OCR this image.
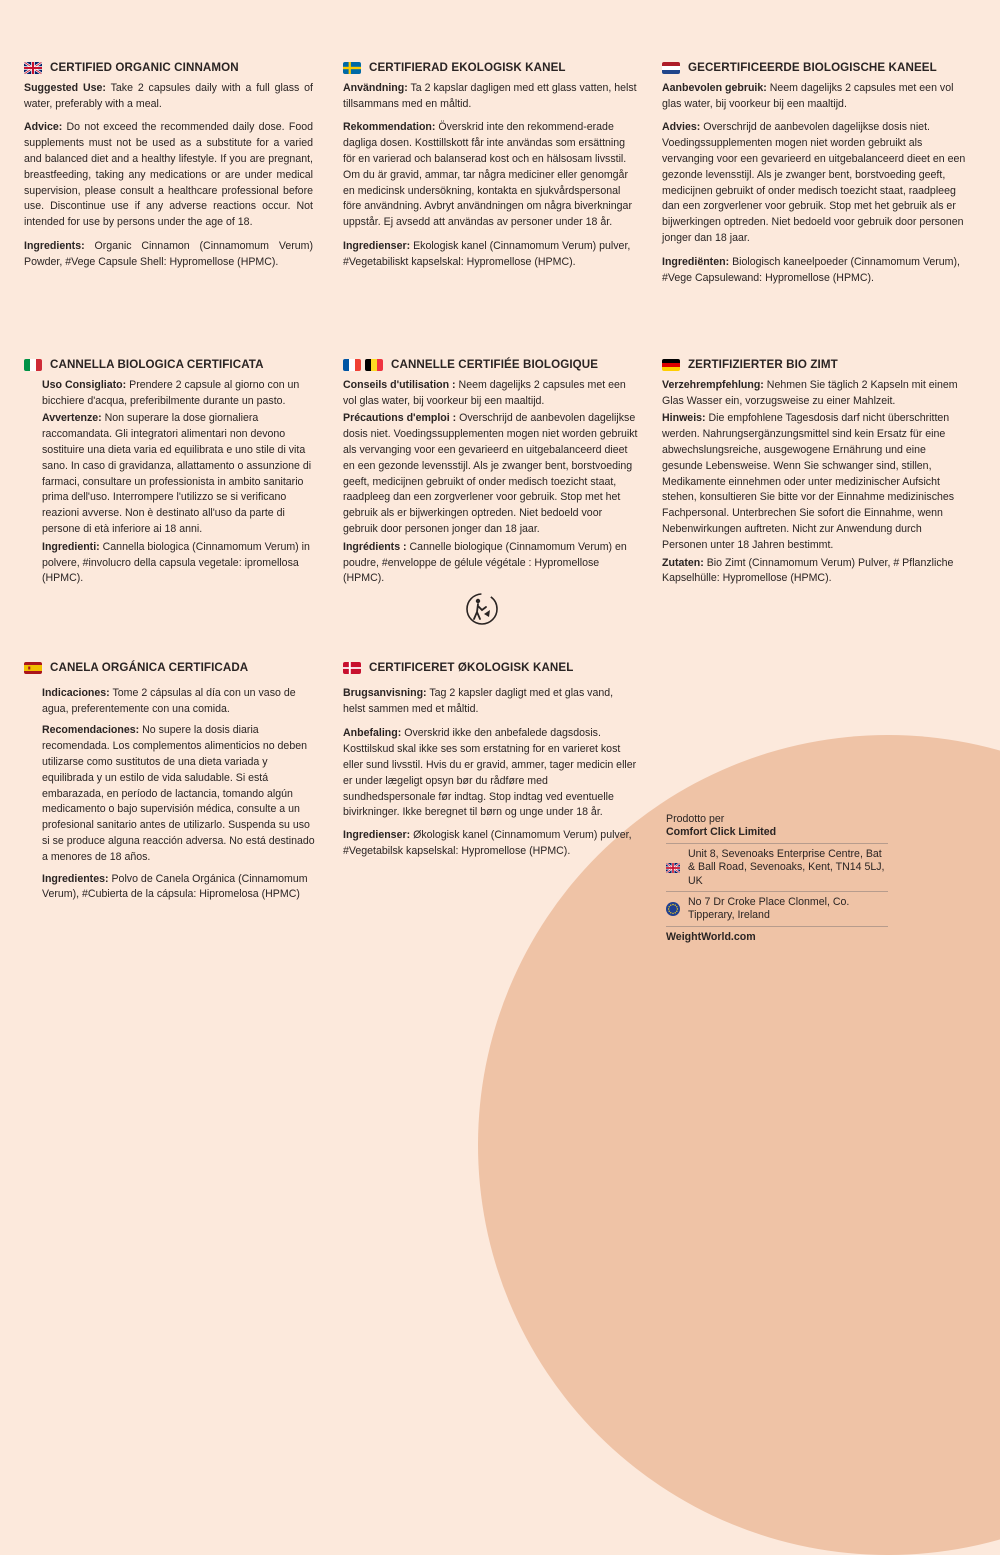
CERTIFIED ORGANIC CINNAMON

Suggested Use: Take 2 capsules daily with a full glass of water, preferably with a meal.

Advice: Do not exceed the recommended daily dose. Food supplements must not be used as a substitute for a varied and balanced diet and a healthy lifestyle. If you are pregnant, breastfeeding, taking any medications or are under medical supervision, please consult a healthcare professional before use. Discontinue use if any adverse reactions occur. Not intended for use by persons under the age of 18.

Ingredients: Organic Cinnamon (Cinnamomum Verum) Powder, #Vege Capsule Shell: Hypromellose (HPMC).

CERTIFIERAD EKOLOGISK KANEL

Användning: Ta 2 kapslar dagligen med ett glass vatten, helst tillsammans med en måltid.

Rekommendation: Överskrid inte den rekommend-erade dagliga dosen. Kosttillskott får inte användas som ersättning för en varierad och balanserad kost och en hälsosam livsstil. Om du är gravid, ammar, tar några mediciner eller genomgår en medicinsk undersökning, kontakta en sjukvårdspersonal före användning. Avbryt användningen om några biverkningar uppstår. Ej avsedd att användas av personer under 18 år.

Ingredienser: Ekologisk kanel (Cinnamomum Verum) pulver, #Vegetabiliskt kapselskal: Hypromellose (HPMC).

GECERTIFICEERDE BIOLOGISCHE KANEEL

Aanbevolen gebruik: Neem dagelijks 2 capsules met een vol glas water, bij voorkeur bij een maaltijd.

Advies: Overschrijd de aanbevolen dagelijkse dosis niet. Voedingssupplementen mogen niet worden gebruikt als vervanging voor een gevarieerd en uitgebalanceerd dieet en een gezonde levensstijl. Als je zwanger bent, borstvoeding geeft, medicijnen gebruikt of onder medisch toezicht staat, raadpleeg dan een zorgverlener voor gebruik. Stop met het gebruik als er bijwerkingen optreden. Niet bedoeld voor gebruik door personen jonger dan 18 jaar.

Ingrediënten: Biologisch kaneelpoeder (Cinnamomum Verum), #Vege Capsulewand: Hypromellose (HPMC).

CANNELLA BIOLOGICA CERTIFICATA

Uso Consigliato: Prendere 2 capsule al giorno con un bicchiere d'acqua, preferibilmente durante un pasto.

Avvertenze: Non superare la dose giornaliera raccomandata. Gli integratori alimentari non devono sostituire una dieta varia ed equilibrata e uno stile di vita sano. In caso di gravidanza, allattamento o assunzione di farmaci, consultare un professionista in ambito sanitario prima dell'uso. Interrompere l'utilizzo se si verificano reazioni avverse. Non è destinato all'uso da parte di persone di età inferiore ai 18 anni.

Ingredienti: Cannella biologica (Cinnamomum Verum) in polvere, #involucro della capsula vegetale: ipromellosa (HPMC).

CANNELLE CERTIFIÉE BIOLOGIQUE

Conseils d'utilisation : Neem dagelijks 2 capsules met een vol glas water, bij voorkeur bij een maaltijd.

Précautions d'emploi : Overschrijd de aanbevolen dagelijkse dosis niet. Voedingssupplementen mogen niet worden gebruikt als vervanging voor een gevarieerd en uitgebalanceerd dieet en een gezonde levensstijl. Als je zwanger bent, borstvoeding geeft, medicijnen gebruikt of onder medisch toezicht staat, raadpleeg dan een zorgverlener voor gebruik. Stop met het gebruik als er bijwerkingen optreden. Niet bedoeld voor gebruik door personen jonger dan 18 jaar.

Ingrédients : Cannelle biologique (Cinnamomum Verum) en poudre, #enveloppe de gélule végétale : Hypromellose (HPMC).

ZERTIFIZIERTER BIO ZIMT

Verzehrempfehlung: Nehmen Sie täglich 2 Kapseln mit einem Glas Wasser ein, vorzugsweise zu einer Mahlzeit.

Hinweis: Die empfohlene Tagesdosis darf nicht überschritten werden. Nahrungsergänzungsmittel sind kein Ersatz für eine abwechslungsreiche, ausgewogene Ernährung und eine gesunde Lebensweise. Wenn Sie schwanger sind, stillen, Medikamente einnehmen oder unter medizinischer Aufsicht stehen, konsultieren Sie bitte vor der Einnahme medizinisches Fachpersonal. Unterbrechen Sie sofort die Einnahme, wenn Nebenwirkungen auftreten. Nicht zur Anwendung durch Personen unter 18 Jahren bestimmt.

Zutaten: Bio Zimt (Cinnamomum Verum) Pulver, # Pflanzliche Kapselhülle: Hypromellose (HPMC).

CANELA ORGÁNICA CERTIFICADA

Indicaciones: Tome 2 cápsulas al día con un vaso de agua, preferentemente con una comida.

Recomendaciones: No supere la dosis diaria recomendada. Los complementos alimenticios no deben utilizarse como sustitutos de una dieta variada y equilibrada y un estilo de vida saludable. Si está embarazada, en período de lactancia, tomando algún medicamento o bajo supervisión médica, consulte a un profesional sanitario antes de utilizarlo. Suspenda su uso si se produce alguna reacción adversa. No está destinado a menores de 18 años.

Ingredientes: Polvo de Canela Orgánica (Cinnamomum Verum), #Cubierta de la cápsula: Hipromelosa (HPMC)

CERTIFICERET ØKOLOGISK KANEL

Brugsanvisning: Tag 2 kapsler dagligt med et glas vand, helst sammen med et måltid.

Anbefaling: Overskrid ikke den anbefalede dagsdosis. Kosttilskud skal ikke ses som erstatning for en varieret kost eller sund livsstil. Hvis du er gravid, ammer, tager medicin eller er under lægeligt opsyn bør du rådføre med sundhedspersonale før indtag. Stop indtag ved eventuelle bivirkninger. Ikke beregnet til børn og unge under 18 år.

Ingredienser: Økologisk kanel (Cinnamomum Verum) pulver, #Vegetabilsk kapselskal: Hypromellose (HPMC).

Prodotto per
Comfort Click Limited
Unit 8, Sevenoaks Enterprise Centre, Bat & Ball Road, Sevenoaks, Kent, TN14 5LJ, UK
No 7 Dr Croke Place Clonmel, Co. Tipperary, Ireland
WeightWorld.com
